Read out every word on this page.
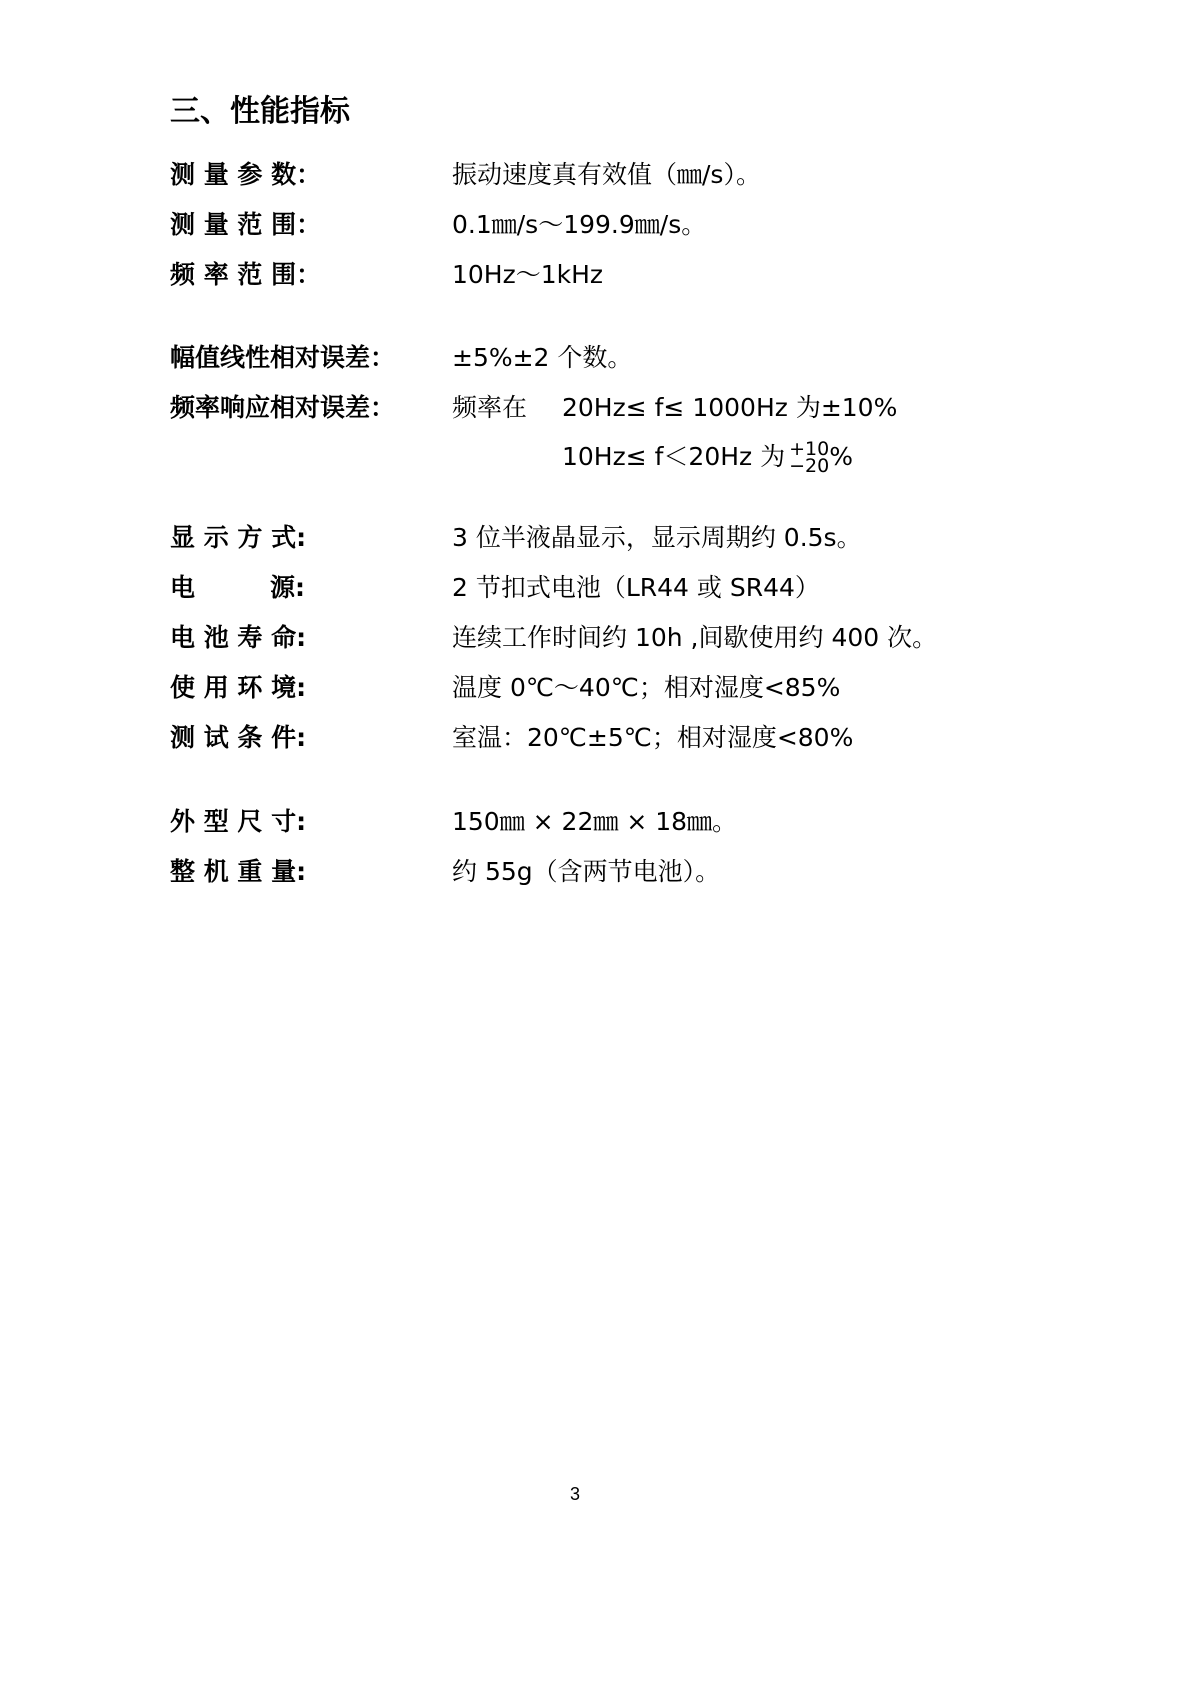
三、性能指标
测 量 参 数：	振动速度真有效值（㎜/s）。
测 量 范 围：	0.1㎜/s～199.9㎜/s。
频 率 范 围：	10Hz～1kHz
幅值线性相对误差： ±5%±2 个数。
频率响应相对误差： 频率在 20Hz≤ f≤ 1000Hz 为±10%
10Hz≤ f＜20Hz 为 +10
−20 %
显 示 方 式:	3 位半液晶显示，显示周期约 0.5s。
电　　　源:	2 节扣式电池（LR44 或 SR44）
电 池 寿 命:	连续工作时间约 10h ,间歇使用约 400 次。
使 用 环 境:	温度 0℃～40℃；相对湿度<85%
测 试 条 件:	室温：20℃±5℃；相对湿度<80%
外 型 尺 寸:	150㎜ × 22㎜ × 18㎜。
整 机 重 量:	约 55g（含两节电池）。
3
